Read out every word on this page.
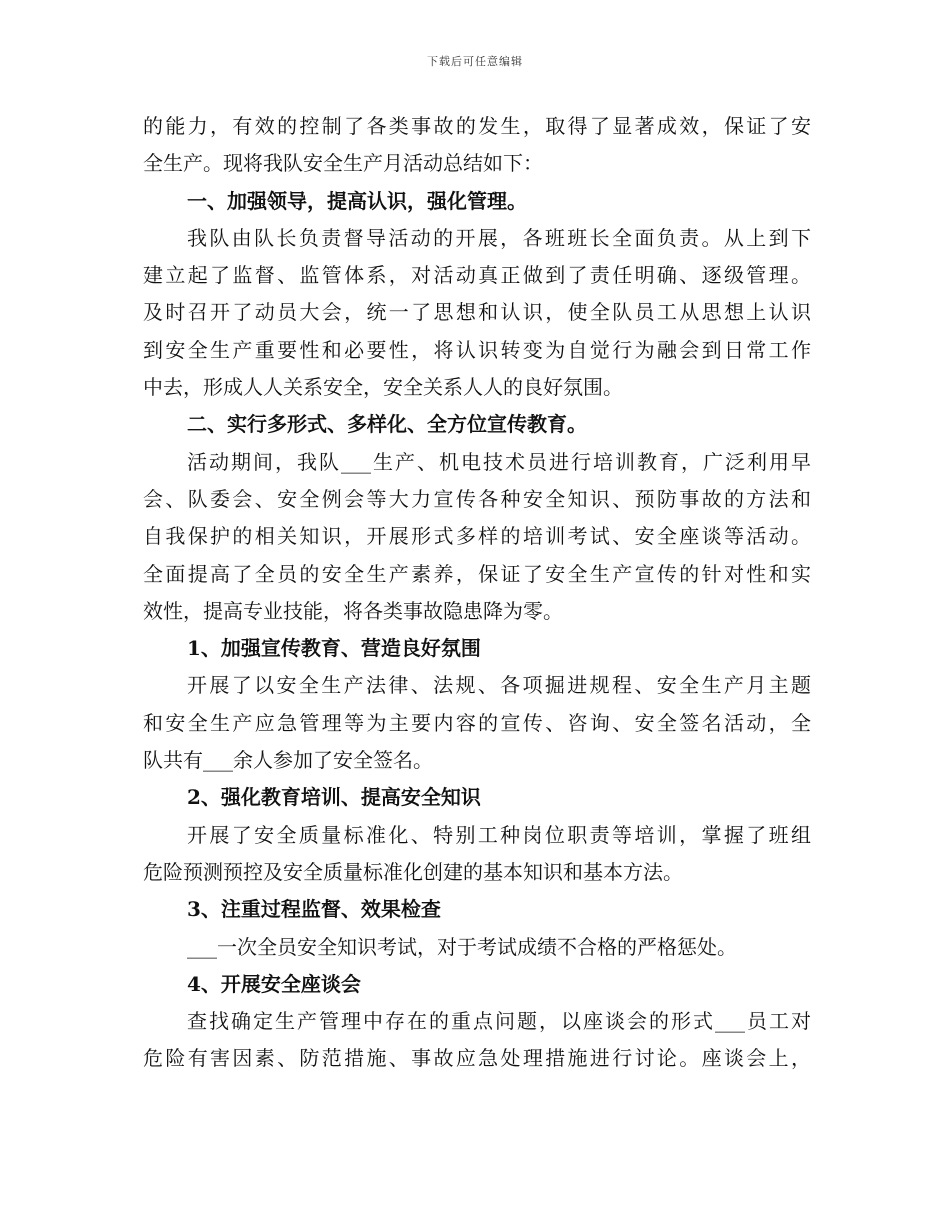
下载后可任意编辑
的能力，有效的控制了各类事故的发生，取得了显著成效，保证了安
全生产。现将我队安全生产月活动总结如下：
一、加强领导，提高认识，强化管理。
我队由队长负责督导活动的开展，各班班长全面负责。从上到下
建立起了监督、监管体系，对活动真正做到了责任明确、逐级管理。
及时召开了动员大会，统一了思想和认识，使全队员工从思想上认识
到安全生产重要性和必要性，将认识转变为自觉行为融会到日常工作
中去，形成人人关系安全，安全关系人人的良好氛围。
二、实行多形式、多样化、全方位宣传教育。
活动期间，我队___生产、机电技术员进行培训教育，广泛利用早
会、队委会、安全例会等大力宣传各种安全知识、预防事故的方法和
自我保护的相关知识，开展形式多样的培训考试、安全座谈等活动。
全面提高了全员的安全生产素养，保证了安全生产宣传的针对性和实
效性，提高专业技能，将各类事故隐患降为零。
1、加强宣传教育、营造良好氛围
开展了以安全生产法律、法规、各项掘进规程、安全生产月主题
和安全生产应急管理等为主要内容的宣传、咨询、安全签名活动，全
队共有___余人参加了安全签名。
2、强化教育培训、提高安全知识
开展了安全质量标准化、特别工种岗位职责等培训，掌握了班组
危险预测预控及安全质量标准化创建的基本知识和基本方法。
3、注重过程监督、效果检查
___一次全员安全知识考试，对于考试成绩不合格的严格惩处。
4、开展安全座谈会
查找确定生产管理中存在的重点问题，以座谈会的形式___员工对
危险有害因素、防范措施、事故应急处理措施进行讨论。座谈会上，
